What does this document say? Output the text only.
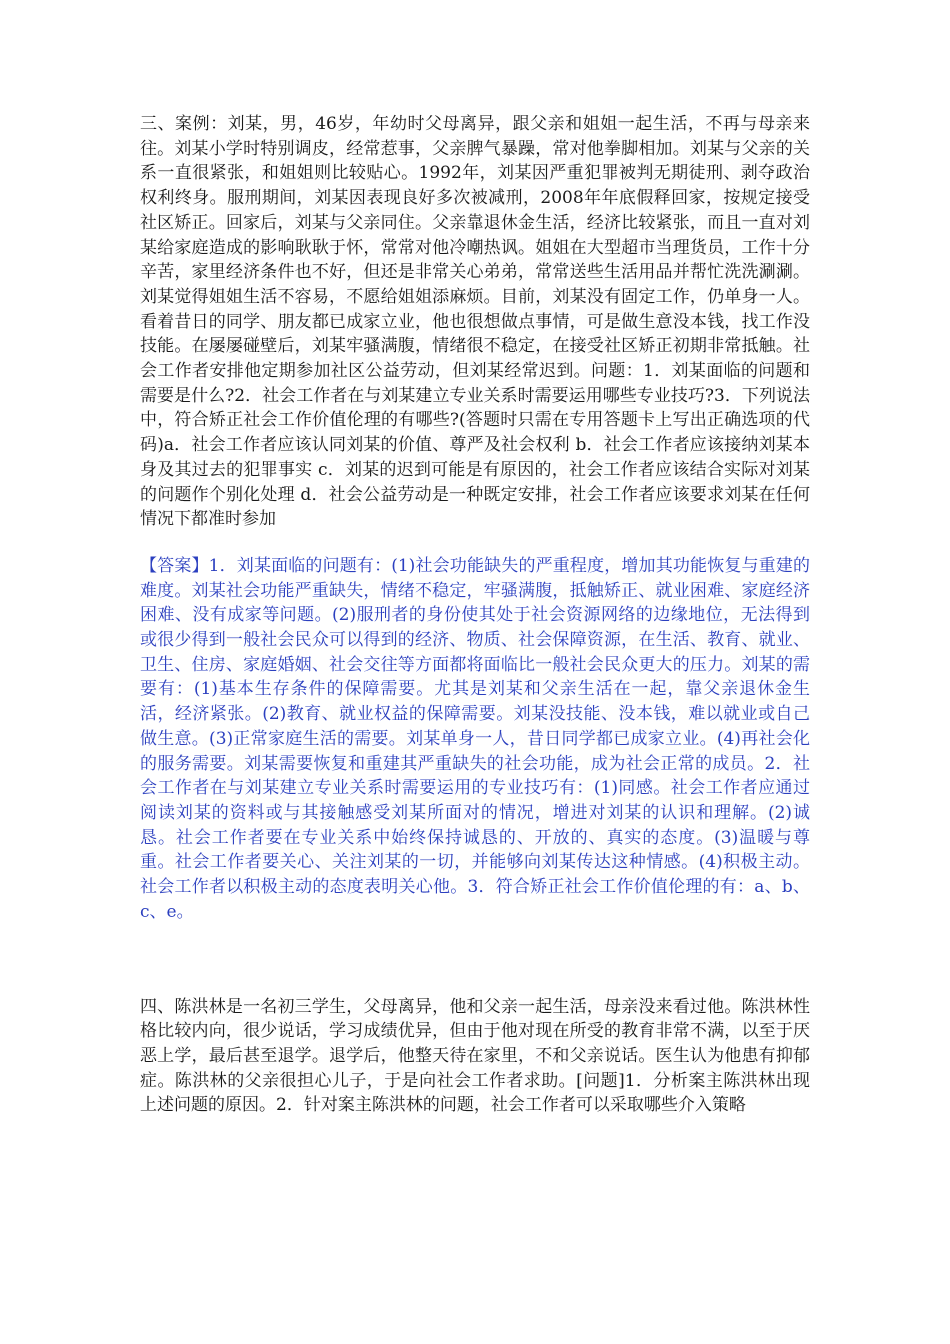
三、案例：刘某，男，46岁，年幼时父母离异，跟父亲和姐姐一起生活，不再与母亲来往。刘某小学时特别调皮，经常惹事，父亲脾气暴躁，常对他拳脚相加。刘某与父亲的关系一直很紧张，和姐姐则比较贴心。1992年，刘某因严重犯罪被判无期徒刑、剥夺政治权利终身。服刑期间，刘某因表现良好多次被减刑，2008年年底假释回家，按规定接受社区矫正。回家后，刘某与父亲同住。父亲靠退休金生活，经济比较紧张，而且一直对刘某给家庭造成的影响耿耿于怀，常常对他冷嘲热讽。姐姐在大型超市当理货员，工作十分辛苦，家里经济条件也不好，但还是非常关心弟弟，常常送些生活用品并帮忙洗洗涮涮。刘某觉得姐姐生活不容易，不愿给姐姐添麻烦。目前，刘某没有固定工作，仍单身一人。看着昔日的同学、朋友都已成家立业，他也很想做点事情，可是做生意没本钱，找工作没技能。在屡屡碰壁后，刘某牢骚满腹，情绪很不稳定，在接受社区矫正初期非常抵触。社会工作者安排他定期参加社区公益劳动，但刘某经常迟到。问题：1．刘某面临的问题和需要是什么?2．社会工作者在与刘某建立专业关系时需要运用哪些专业技巧?3．下列说法中，符合矫正社会工作价值伦理的有哪些?(答题时只需在专用答题卡上写出正确选项的代码)a．社会工作者应该认同刘某的价值、尊严及社会权利 b．社会工作者应该接纳刘某本身及其过去的犯罪事实 c．刘某的迟到可能是有原因的，社会工作者应该结合实际对刘某的问题作个别化处理 d．社会公益劳动是一种既定安排，社会工作者应该要求刘某在任何情况下都准时参加

【答案】1．刘某面临的问题有：(1)社会功能缺失的严重程度，增加其功能恢复与重建的难度。刘某社会功能严重缺失，情绪不稳定，牢骚满腹，抵触矫正、就业困难、家庭经济困难、没有成家等问题。(2)服刑者的身份使其处于社会资源网络的边缘地位，无法得到或很少得到一般社会民众可以得到的经济、物质、社会保障资源，在生活、教育、就业、卫生、住房、家庭婚姻、社会交往等方面都将面临比一般社会民众更大的压力。刘某的需要有：(1)基本生存条件的保障需要。尤其是刘某和父亲生活在一起，靠父亲退休金生活，经济紧张。(2)教育、就业权益的保障需要。刘某没技能、没本钱，难以就业或自己做生意。(3)正常家庭生活的需要。刘某单身一人，昔日同学都已成家立业。(4)再社会化的服务需要。刘某需要恢复和重建其严重缺失的社会功能，成为社会正常的成员。2．社会工作者在与刘某建立专业关系时需要运用的专业技巧有：(1)同感。社会工作者应通过阅读刘某的资料或与其接触感受刘某所面对的情况，增进对刘某的认识和理解。(2)诚恳。社会工作者要在专业关系中始终保持诚恳的、开放的、真实的态度。(3)温暖与尊重。社会工作者要关心、关注刘某的一切，并能够向刘某传达这种情感。(4)积极主动。社会工作者以积极主动的态度表明关心他。3．符合矫正社会工作价值伦理的有：a、b、c、e。

四、陈洪林是一名初三学生，父母离异，他和父亲一起生活，母亲没来看过他。陈洪林性格比较内向，很少说话，学习成绩优异，但由于他对现在所受的教育非常不满，以至于厌恶上学，最后甚至退学。退学后，他整天待在家里，不和父亲说话。医生认为他患有抑郁症。陈洪林的父亲很担心儿子，于是向社会工作者求助。[问题]1．分析案主陈洪林出现上述问题的原因。2．针对案主陈洪林的问题，社会工作者可以采取哪些介入策略
